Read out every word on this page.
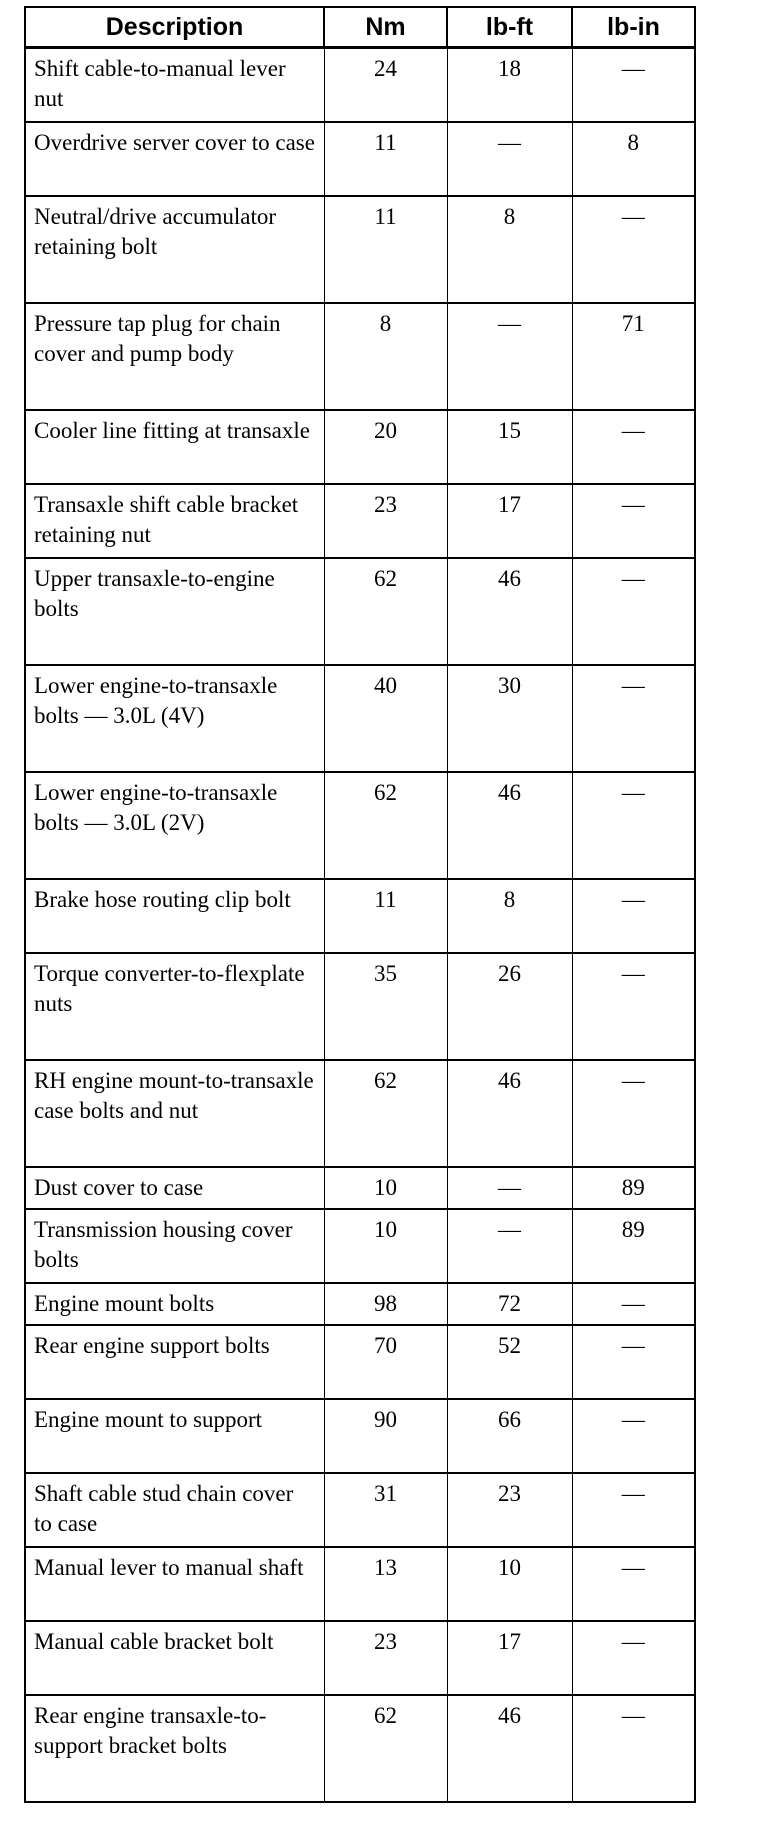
Description	Nm	lb-ft	lb-in
Shift cable-to-manual lever nut	24	18	—
Overdrive server cover to case	11	—	8
Neutral/drive accumulator retaining bolt	11	8	—
Pressure tap plug for chain cover and pump body	8	—	71
Cooler line fitting at transaxle	20	15	—
Transaxle shift cable bracket retaining nut	23	17	—
Upper transaxle-to-engine bolts	62	46	—
Lower engine-to-transaxle bolts — 3.0L (4V)	40	30	—
Lower engine-to-transaxle bolts — 3.0L (2V)	62	46	—
Brake hose routing clip bolt	11	8	—
Torque converter-to-flexplate nuts	35	26	—
RH engine mount-to-transaxle case bolts and nut	62	46	—
Dust cover to case	10	—	89
Transmission housing cover bolts	10	—	89
Engine mount bolts	98	72	—
Rear engine support bolts	70	52	—
Engine mount to support	90	66	—
Shaft cable stud chain cover to case	31	23	—
Manual lever to manual shaft	13	10	—
Manual cable bracket bolt	23	17	—
Rear engine transaxle-to-support bracket bolts	62	46	—
